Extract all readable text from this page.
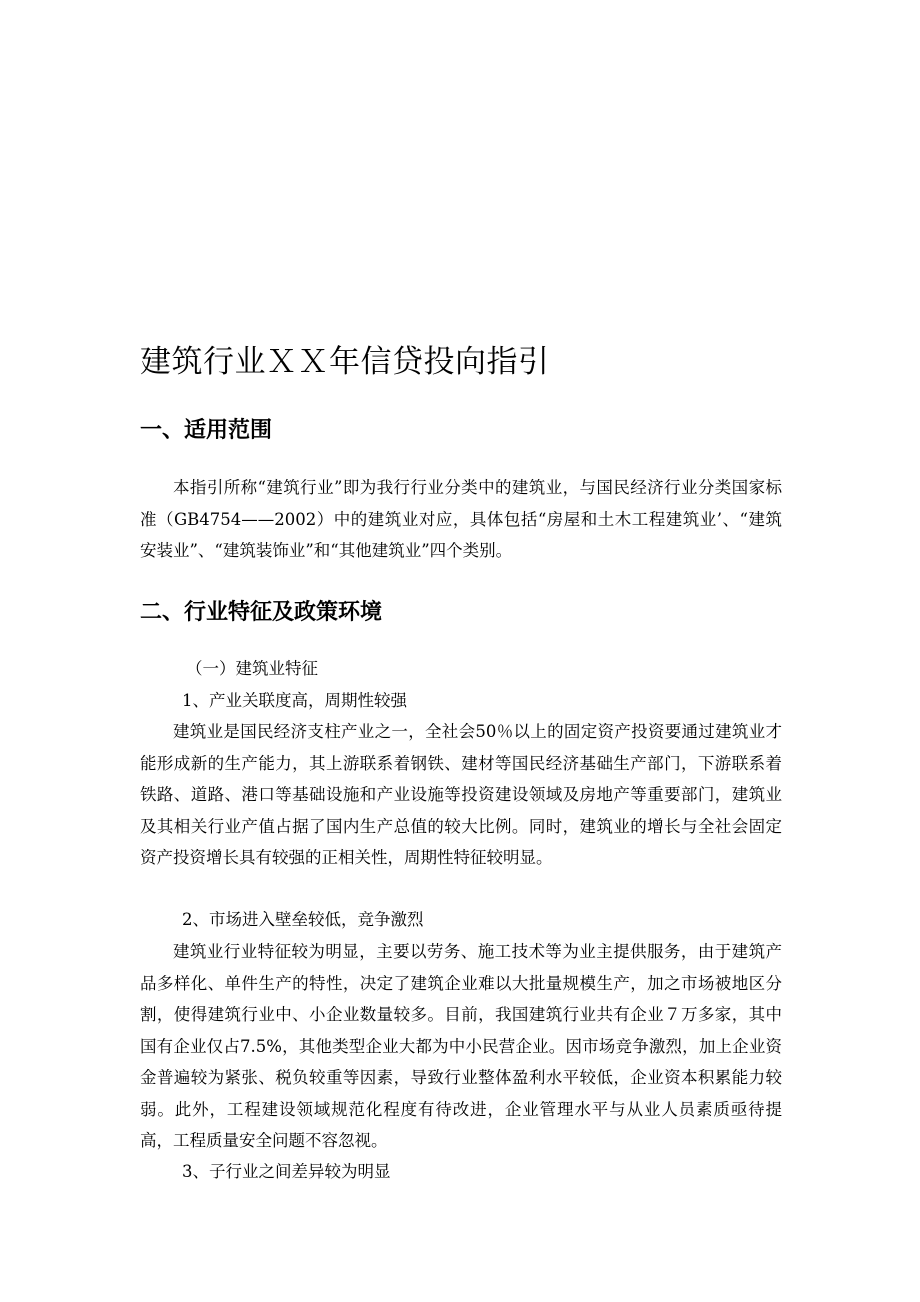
建筑行业ＸＸ年信贷投向指引
一、适用范围

本指引所称“建筑行业”即为我行行业分类中的建筑业，与国民经济行业分类国家标准（GB4754——2002）中的建筑业对应，具体包括“房屋和土木工程建筑业’、“建筑安装业”、“建筑装饰业”和“其他建筑业”四个类别。

二、行业特征及政策环境

（一）建筑业特征

1、产业关联度高，周期性较强

建筑业是国民经济支柱产业之一，全社会50％以上的固定资产投资要通过建筑业才能形成新的生产能力，其上游联系着钢铁、建材等国民经济基础生产部门，下游联系着铁路、道路、港口等基础设施和产业设施等投资建设领域及房地产等重要部门，建筑业及其相关行业产值占据了国内生产总值的较大比例。同时，建筑业的增长与全社会固定资产投资增长具有较强的正相关性，周期性特征较明显。

2、市场进入壁垒较低，竞争激烈

建筑业行业特征较为明显，主要以劳务、施工技术等为业主提供服务，由于建筑产品多样化、单件生产的特性，决定了建筑企业难以大批量规模生产，加之市场被地区分割，使得建筑行业中、小企业数量较多。目前，我国建筑行业共有企业７万多家，其中国有企业仅占7.5%，其他类型企业大都为中小民营企业。因市场竞争激烈，加上企业资金普遍较为紧张、税负较重等因素，导致行业整体盈利水平较低，企业资本积累能力较弱。此外，工程建设领域规范化程度有待改进，企业管理水平与从业人员素质亟待提高，工程质量安全问题不容忽视。

3、子行业之间差异较为明显
